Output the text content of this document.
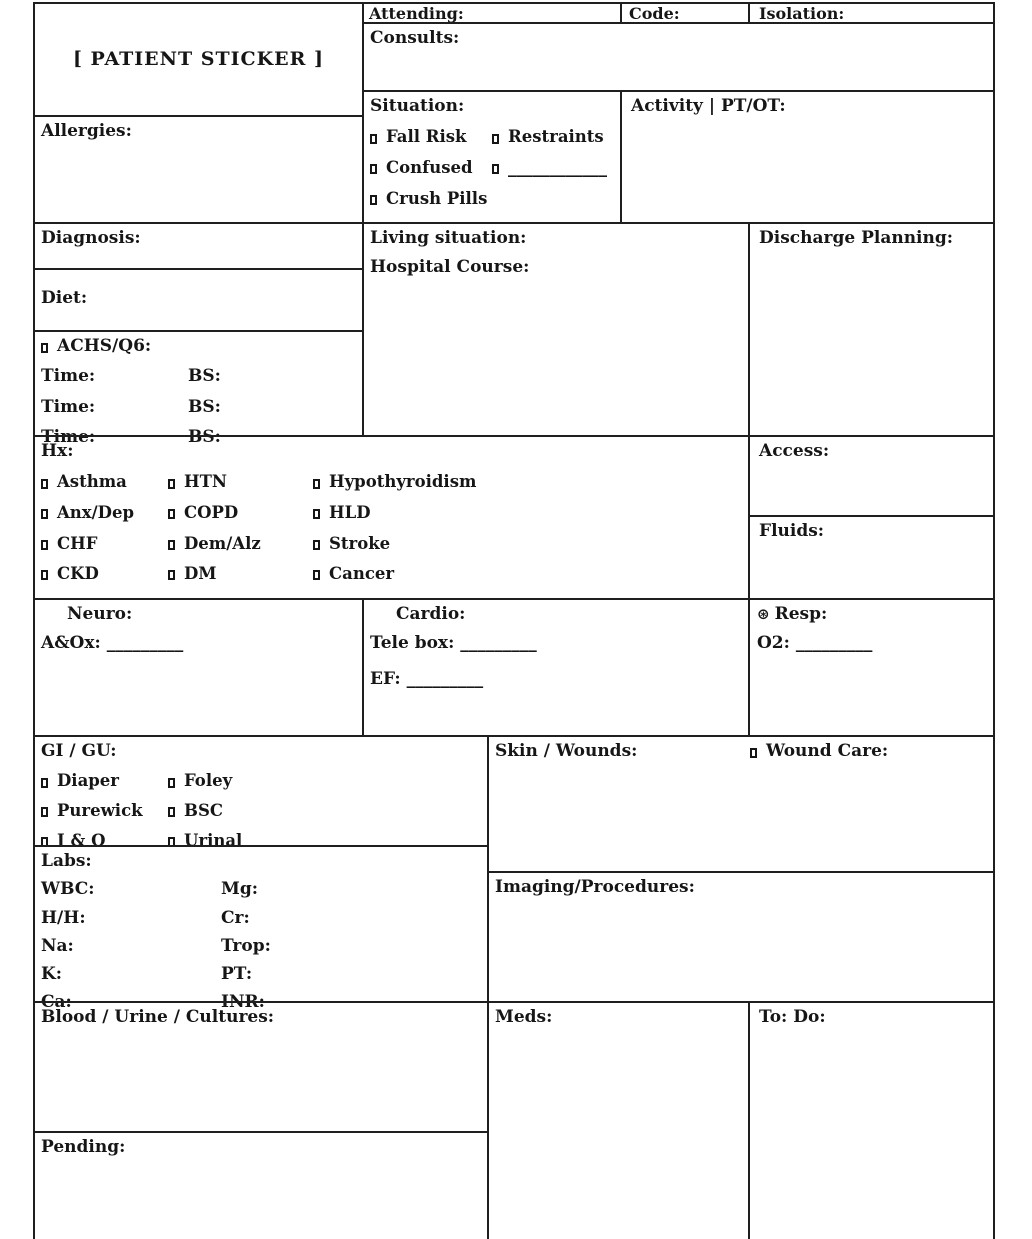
[ PATIENT STICKER ]
Allergies:
Attending:	Code:	Isolation:
Consults:
Situation:
Fall Risk	Restraints
Confused ____________
Crush Pills
Activity | PT/OT:
Diagnosis:
Diet:
ACHS/Q6:
Time:	BS:
Time:	BS:
Time:	BS:
Living situation:
Hospital Course:
Discharge Planning:
Hx:
Asthma	HTN	Hypothyroidism
Anx/Dep	COPD	HLD
CHF	Dem/Alz	Stroke
CKD	DM	Cancer
Access:
Fluids:
Neuro:
A&Ox: _________
Cardio:
Tele box: _________
EF: _________
⊛ Resp:
O2: _________
GI / GU:
Diaper	Foley
Purewick	BSC
I & O	Urinal
Skin / Wounds:	Wound Care:
Labs:
WBC:	Mg:
H/H:	Cr:
Na:	Trop:
K:	PT:
Ca:	INR:
Imaging/Procedures:
Blood / Urine / Cultures:
Pending:
Meds:	To: Do:
